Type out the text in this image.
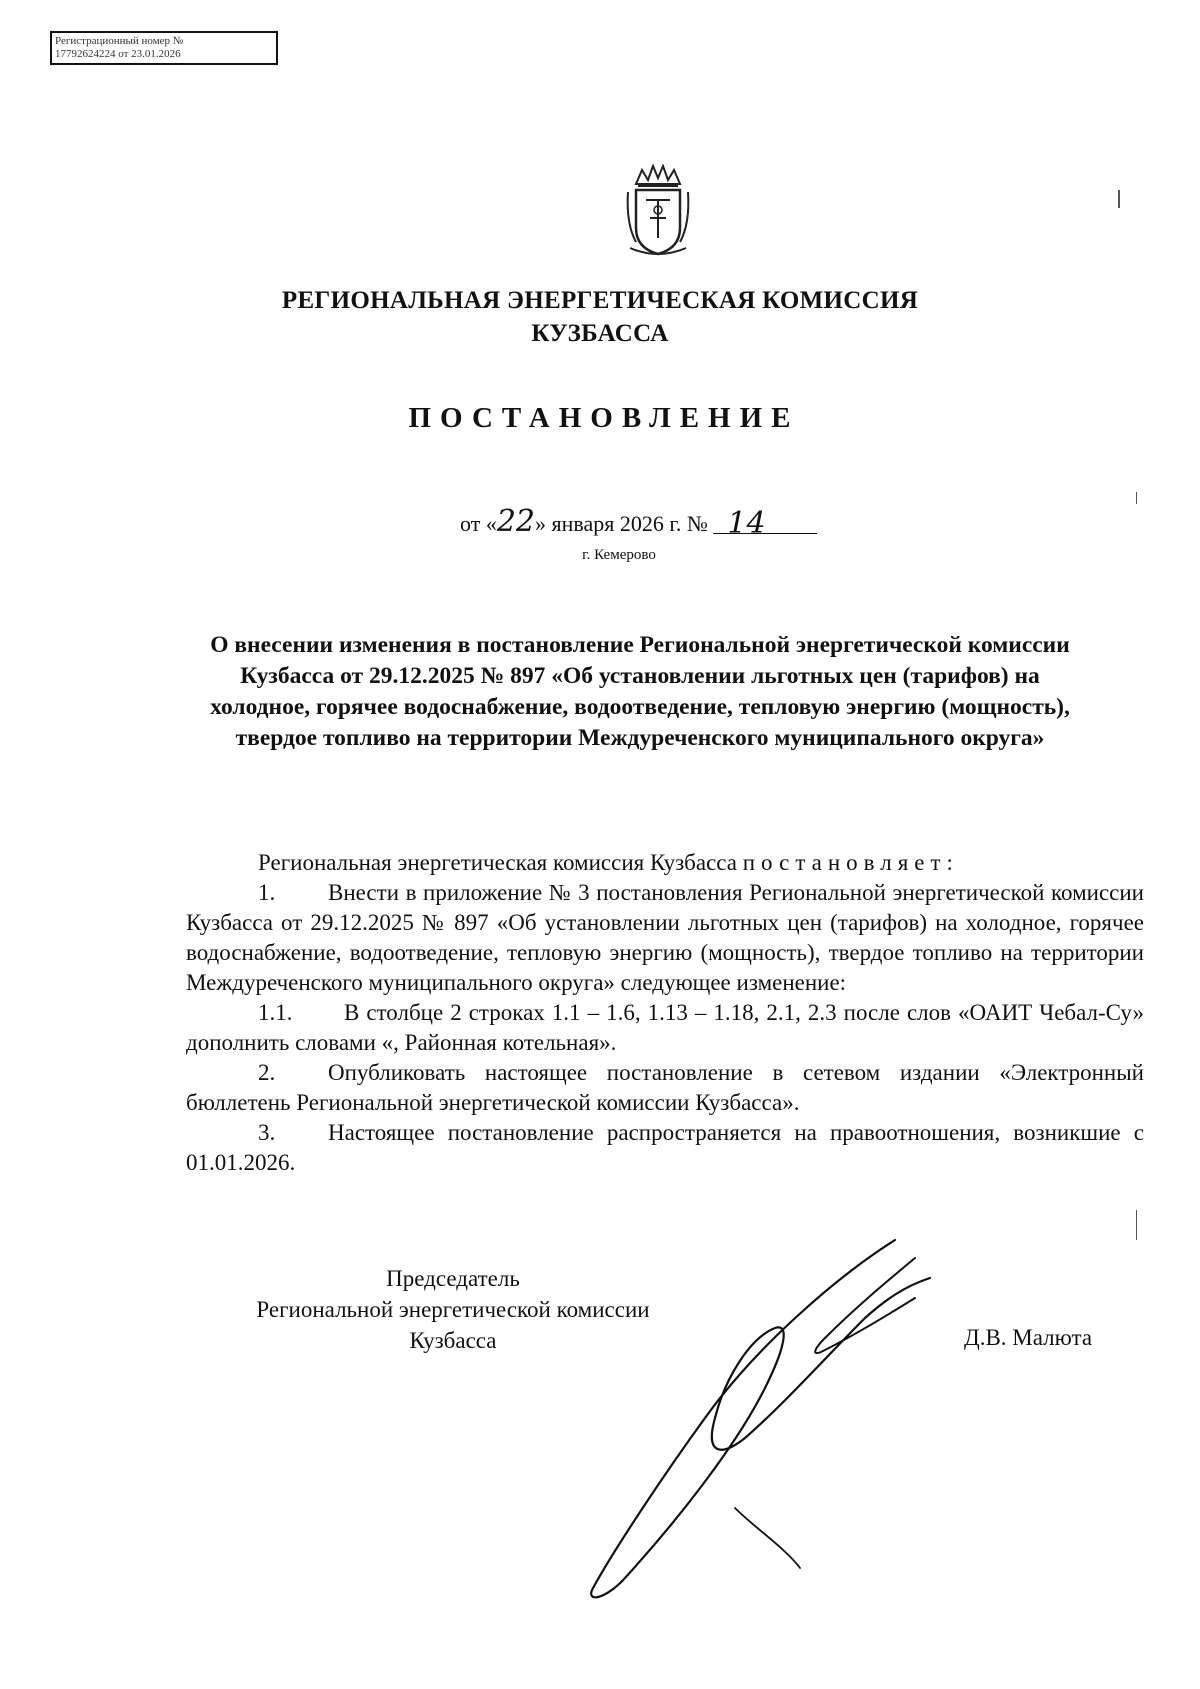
Регистрационный номер №
17792624224 от 23.01.2026
РЕГИОНАЛЬНАЯ ЭНЕРГЕТИЧЕСКАЯ КОМИССИЯ
КУЗБАССА
ПОСТАНОВЛЕНИЕ
от «22» января 2026 г. № 14
г. Кемерово
О внесении изменения в постановление Региональной энергетической комиссии Кузбасса от 29.12.2025 № 897 «Об установлении льготных цен (тарифов) на холодное, горячее водоснабжение, водоотведение, тепловую энергию (мощность), твердое топливо на территории Междуреченского муниципального округа»

Региональная энергетическая комиссия Кузбасса постановляет:

1. Внести в приложение № 3 постановления Региональной энергетической комиссии Кузбасса от 29.12.2025 № 897 «Об установлении льготных цен (тарифов) на холодное, горячее водоснабжение, водоотведение, тепловую энергию (мощность), твердое топливо на территории Междуреченского муниципального округа» следующее изменение:

1.1. В столбце 2 строках 1.1 – 1.6, 1.13 – 1.18, 2.1, 2.3 после слов «ОАИТ Чебал-Су» дополнить словами «, Районная котельная».

2. Опубликовать настоящее постановление в сетевом издании «Электронный бюллетень Региональной энергетической комиссии Кузбасса».

3. Настоящее постановление распространяется на правоотношения, возникшие с 01.01.2026.

Председатель
Региональной энергетической комиссии
Кузбасса	Д.В. Малюта
